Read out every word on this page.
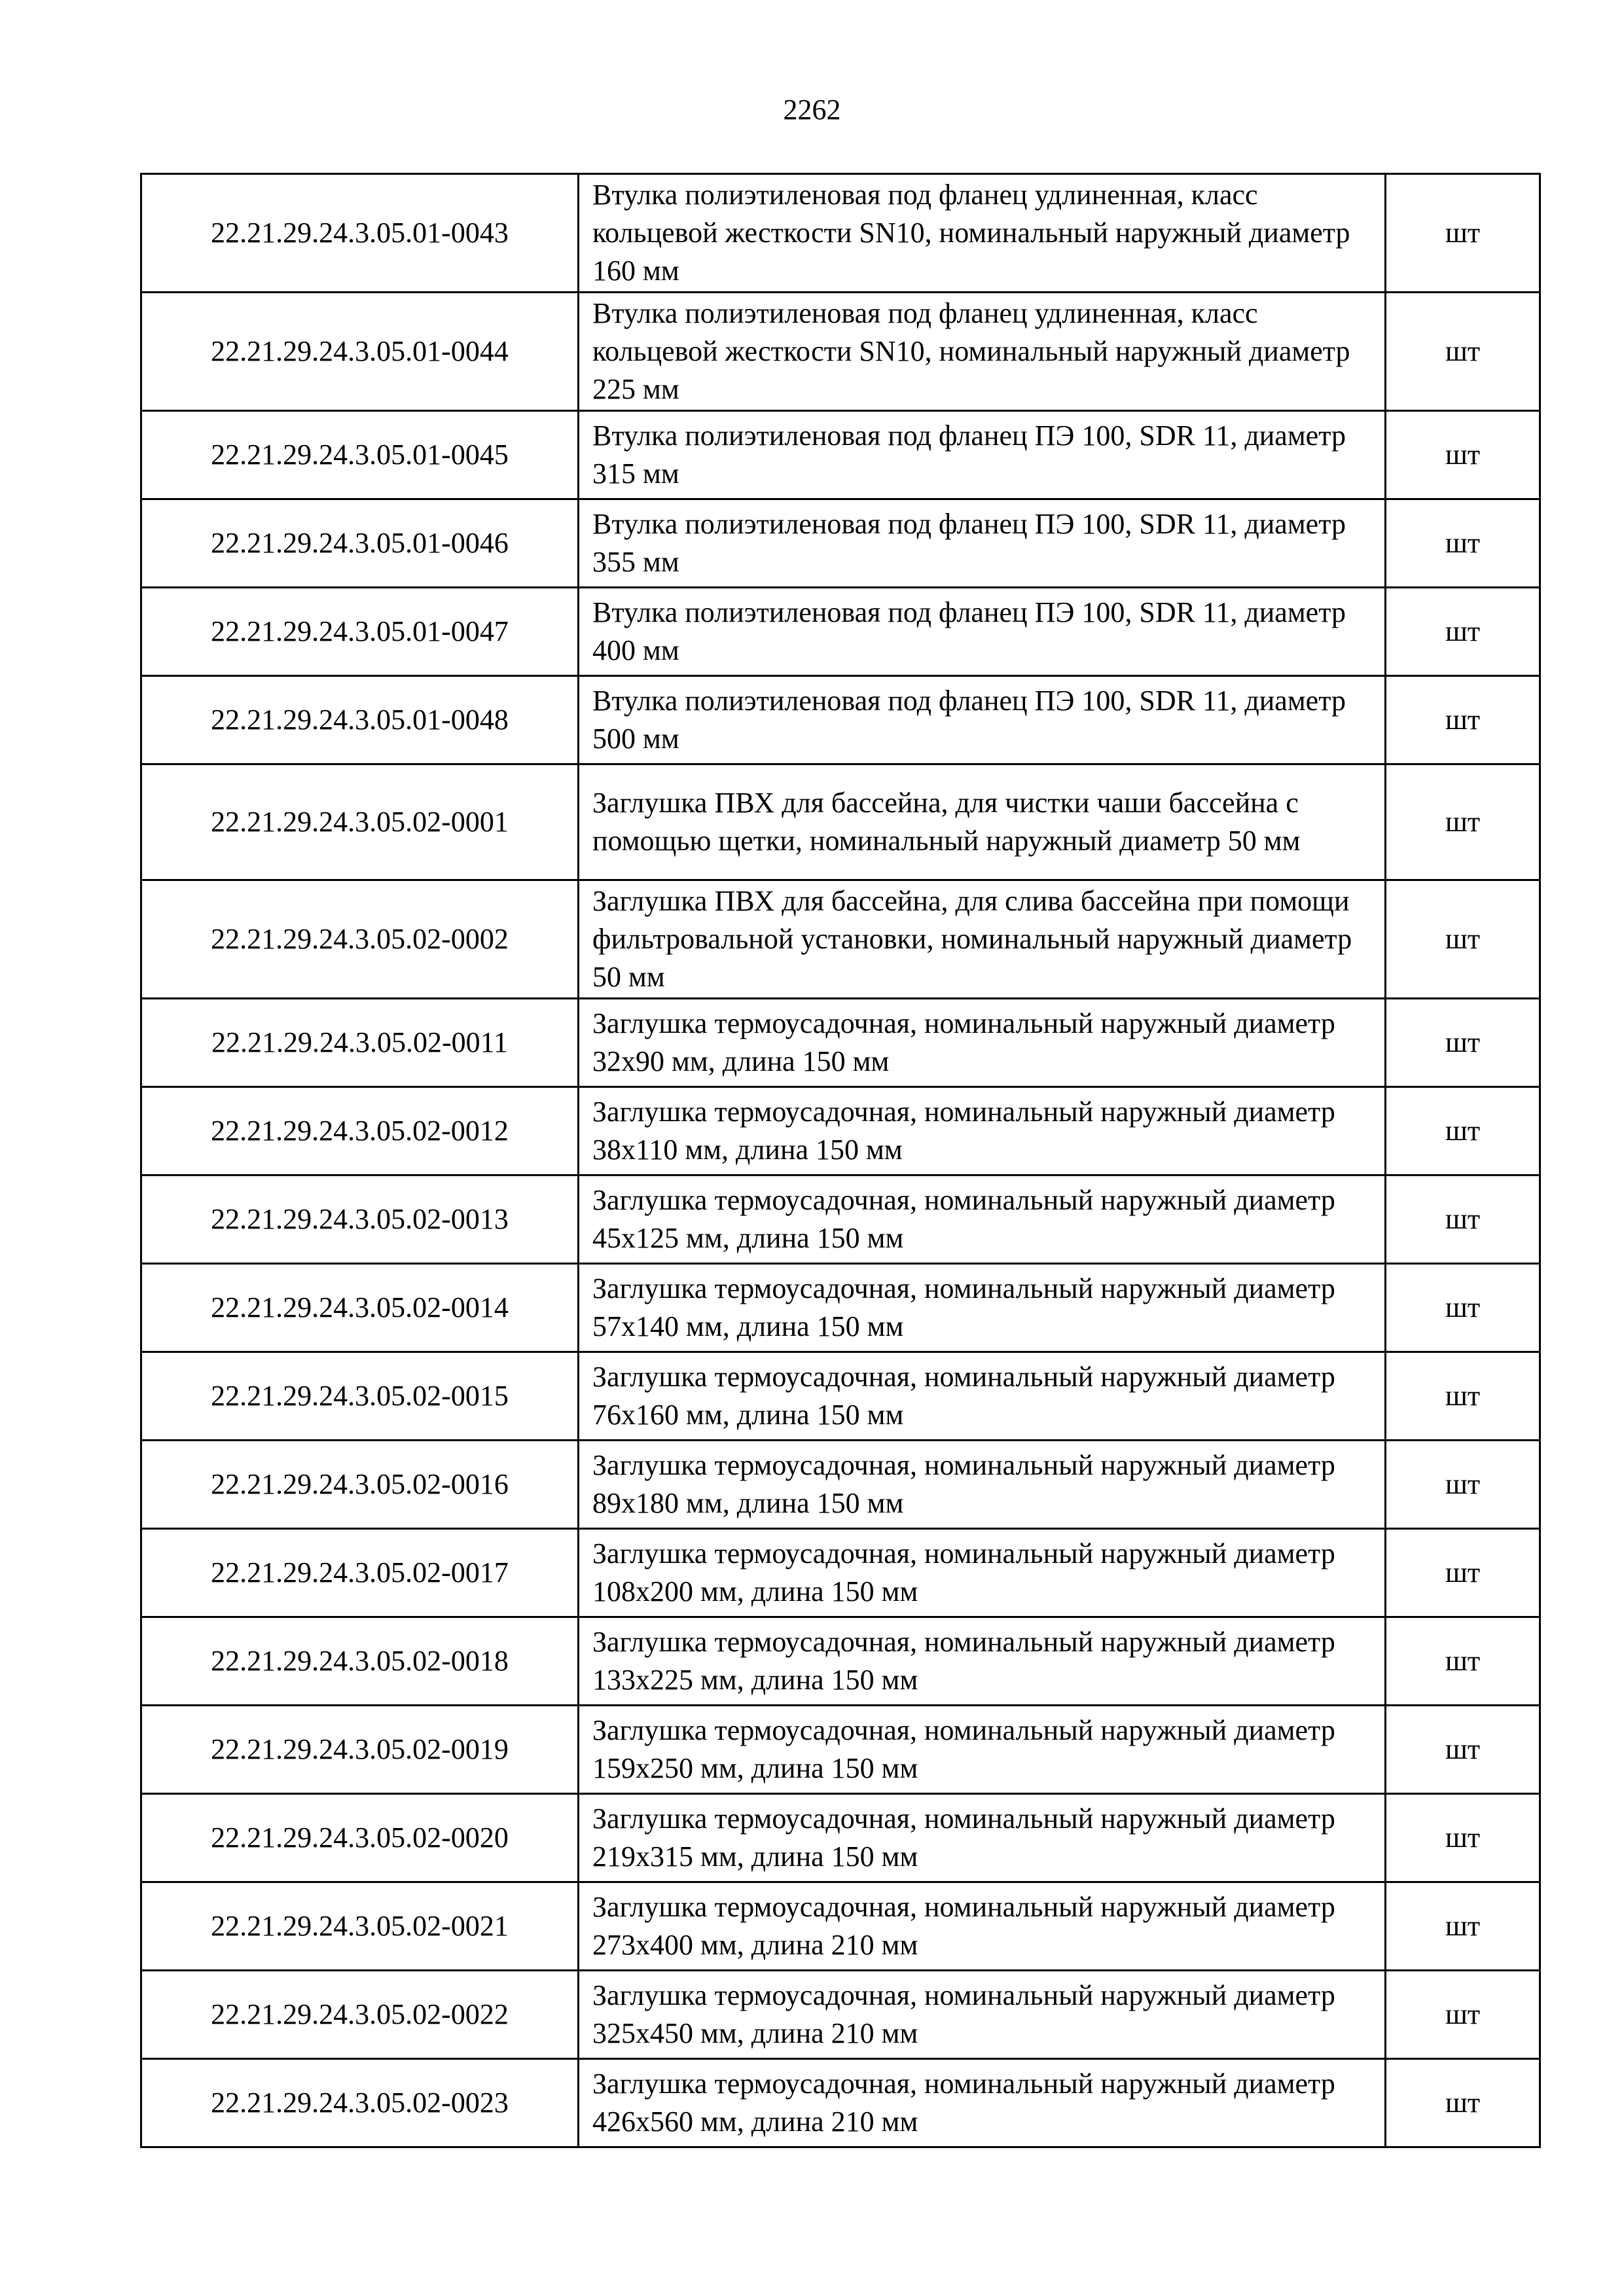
2262
22.21.29.24.3.05.01-0043	Втулка полиэтиленовая под фланец удлиненная, класс кольцевой жесткости SN10, номинальный наружный диаметр 160 мм	шт
22.21.29.24.3.05.01-0044	Втулка полиэтиленовая под фланец удлиненная, класс кольцевой жесткости SN10, номинальный наружный диаметр 225 мм	шт
22.21.29.24.3.05.01-0045	Втулка полиэтиленовая под фланец ПЭ 100, SDR 11, диаметр 315 мм	шт
22.21.29.24.3.05.01-0046	Втулка полиэтиленовая под фланец ПЭ 100, SDR 11, диаметр 355 мм	шт
22.21.29.24.3.05.01-0047	Втулка полиэтиленовая под фланец ПЭ 100, SDR 11, диаметр 400 мм	шт
22.21.29.24.3.05.01-0048	Втулка полиэтиленовая под фланец ПЭ 100, SDR 11, диаметр 500 мм	шт
22.21.29.24.3.05.02-0001	Заглушка ПВХ для бассейна, для чистки чаши бассейна с помощью щетки, номинальный наружный диаметр 50 мм	шт
22.21.29.24.3.05.02-0002	Заглушка ПВХ для бассейна, для слива бассейна при помощи фильтровальной установки, номинальный наружный диаметр 50 мм	шт
22.21.29.24.3.05.02-0011	Заглушка термоусадочная, номинальный наружный диаметр 32х90 мм, длина 150 мм	шт
22.21.29.24.3.05.02-0012	Заглушка термоусадочная, номинальный наружный диаметр 38х110 мм, длина 150 мм	шт
22.21.29.24.3.05.02-0013	Заглушка термоусадочная, номинальный наружный диаметр 45х125 мм, длина 150 мм	шт
22.21.29.24.3.05.02-0014	Заглушка термоусадочная, номинальный наружный диаметр 57х140 мм, длина 150 мм	шт
22.21.29.24.3.05.02-0015	Заглушка термоусадочная, номинальный наружный диаметр 76х160 мм, длина 150 мм	шт
22.21.29.24.3.05.02-0016	Заглушка термоусадочная, номинальный наружный диаметр 89х180 мм, длина 150 мм	шт
22.21.29.24.3.05.02-0017	Заглушка термоусадочная, номинальный наружный диаметр 108х200 мм, длина 150 мм	шт
22.21.29.24.3.05.02-0018	Заглушка термоусадочная, номинальный наружный диаметр 133х225 мм, длина 150 мм	шт
22.21.29.24.3.05.02-0019	Заглушка термоусадочная, номинальный наружный диаметр 159х250 мм, длина 150 мм	шт
22.21.29.24.3.05.02-0020	Заглушка термоусадочная, номинальный наружный диаметр 219х315 мм, длина 150 мм	шт
22.21.29.24.3.05.02-0021	Заглушка термоусадочная, номинальный наружный диаметр 273х400 мм, длина 210 мм	шт
22.21.29.24.3.05.02-0022	Заглушка термоусадочная, номинальный наружный диаметр 325х450 мм, длина 210 мм	шт
22.21.29.24.3.05.02-0023	Заглушка термоусадочная, номинальный наружный диаметр 426х560 мм, длина 210 мм	шт
